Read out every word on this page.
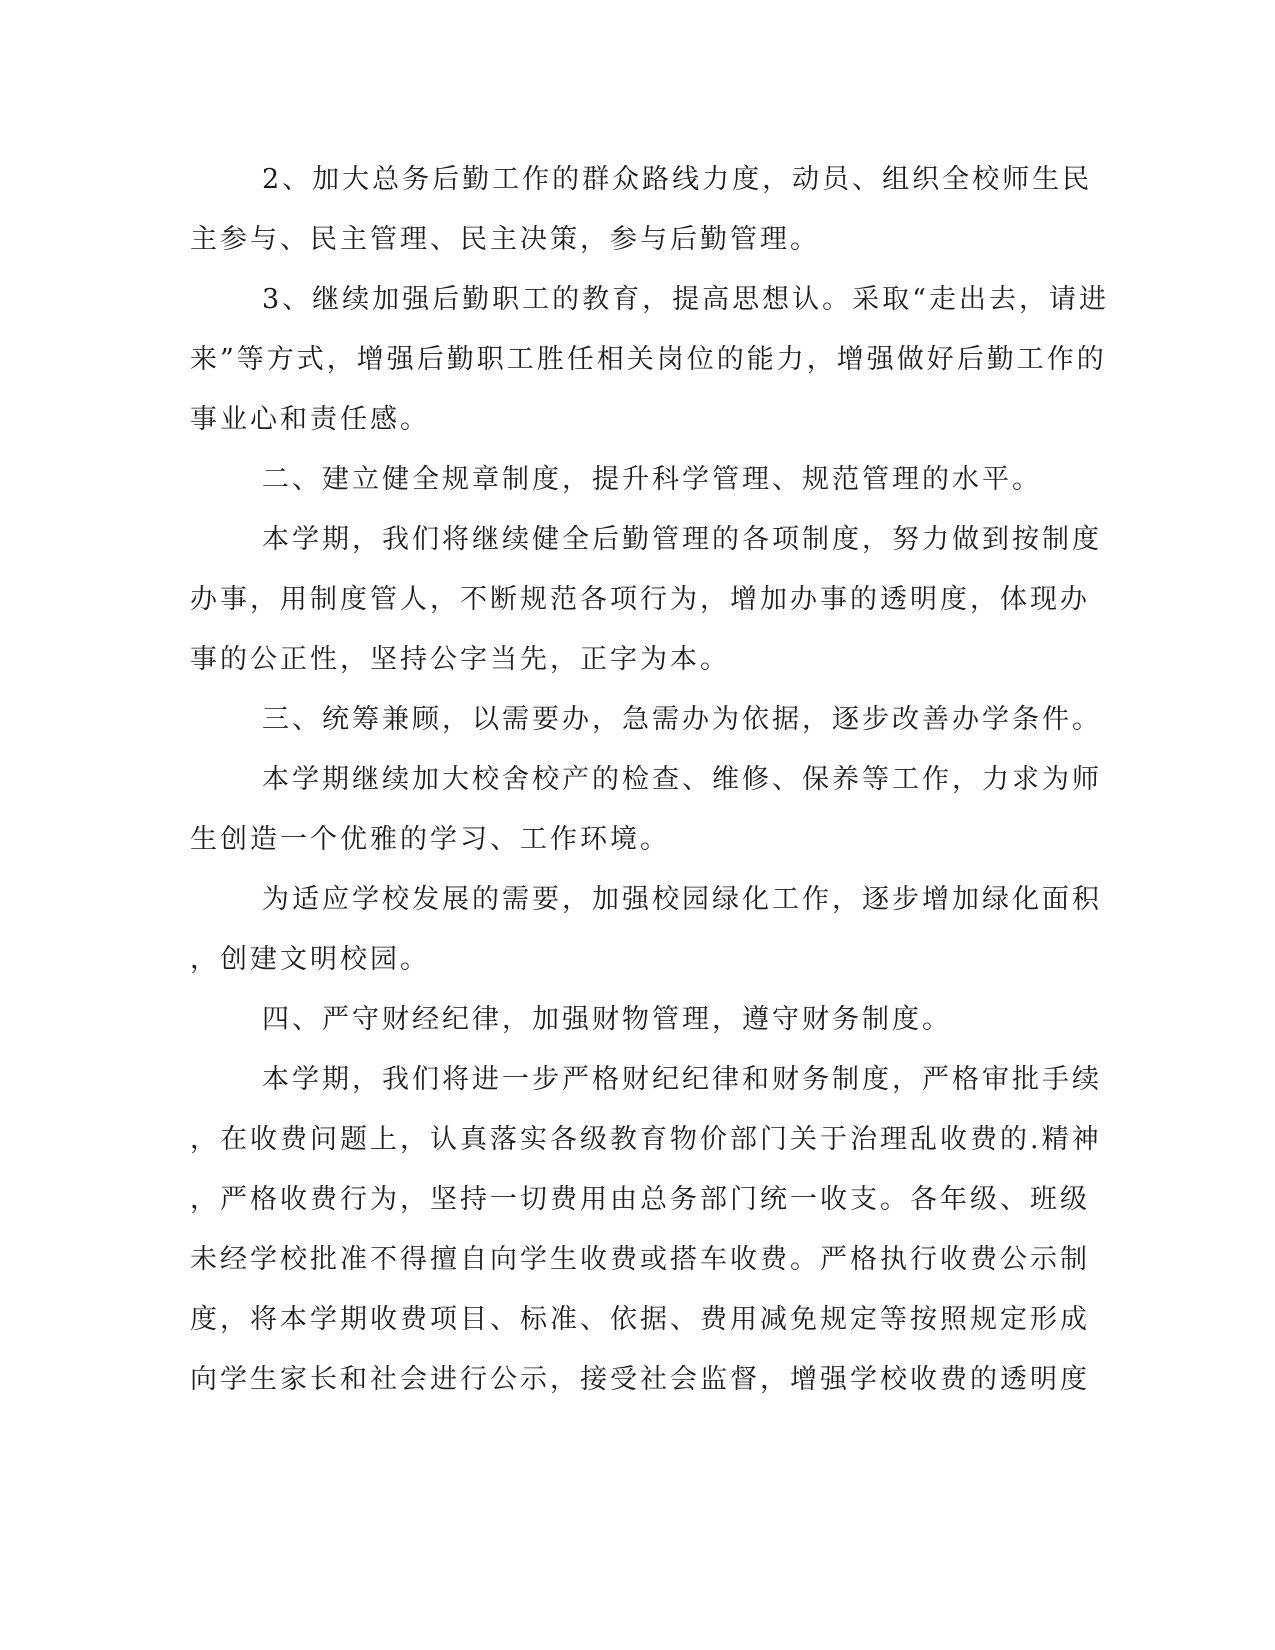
2、加大总务后勤工作的群众路线力度，动员、组织全校师生民
主参与、民主管理、民主决策，参与后勤管理。
3、继续加强后勤职工的教育，提高思想认。采取“走出去，请进
来”等方式，增强后勤职工胜任相关岗位的能力，增强做好后勤工作的
事业心和责任感。
二、建立健全规章制度，提升科学管理、规范管理的水平。
本学期，我们将继续健全后勤管理的各项制度，努力做到按制度
办事，用制度管人，不断规范各项行为，增加办事的透明度，体现办
事的公正性，坚持公字当先，正字为本。
三、统筹兼顾，以需要办，急需办为依据，逐步改善办学条件。
本学期继续加大校舍校产的检查、维修、保养等工作，力求为师
生创造一个优雅的学习、工作环境。
为适应学校发展的需要，加强校园绿化工作，逐步增加绿化面积
，创建文明校园。
四、严守财经纪律，加强财物管理，遵守财务制度。
本学期，我们将进一步严格财纪纪律和财务制度，严格审批手续
，在收费问题上，认真落实各级教育物价部门关于治理乱收费的.精神
，严格收费行为，坚持一切费用由总务部门统一收支。各年级、班级
未经学校批准不得擅自向学生收费或搭车收费。严格执行收费公示制
度，将本学期收费项目、标准、依据、费用减免规定等按照规定形成
向学生家长和社会进行公示，接受社会监督，增强学校收费的透明度
